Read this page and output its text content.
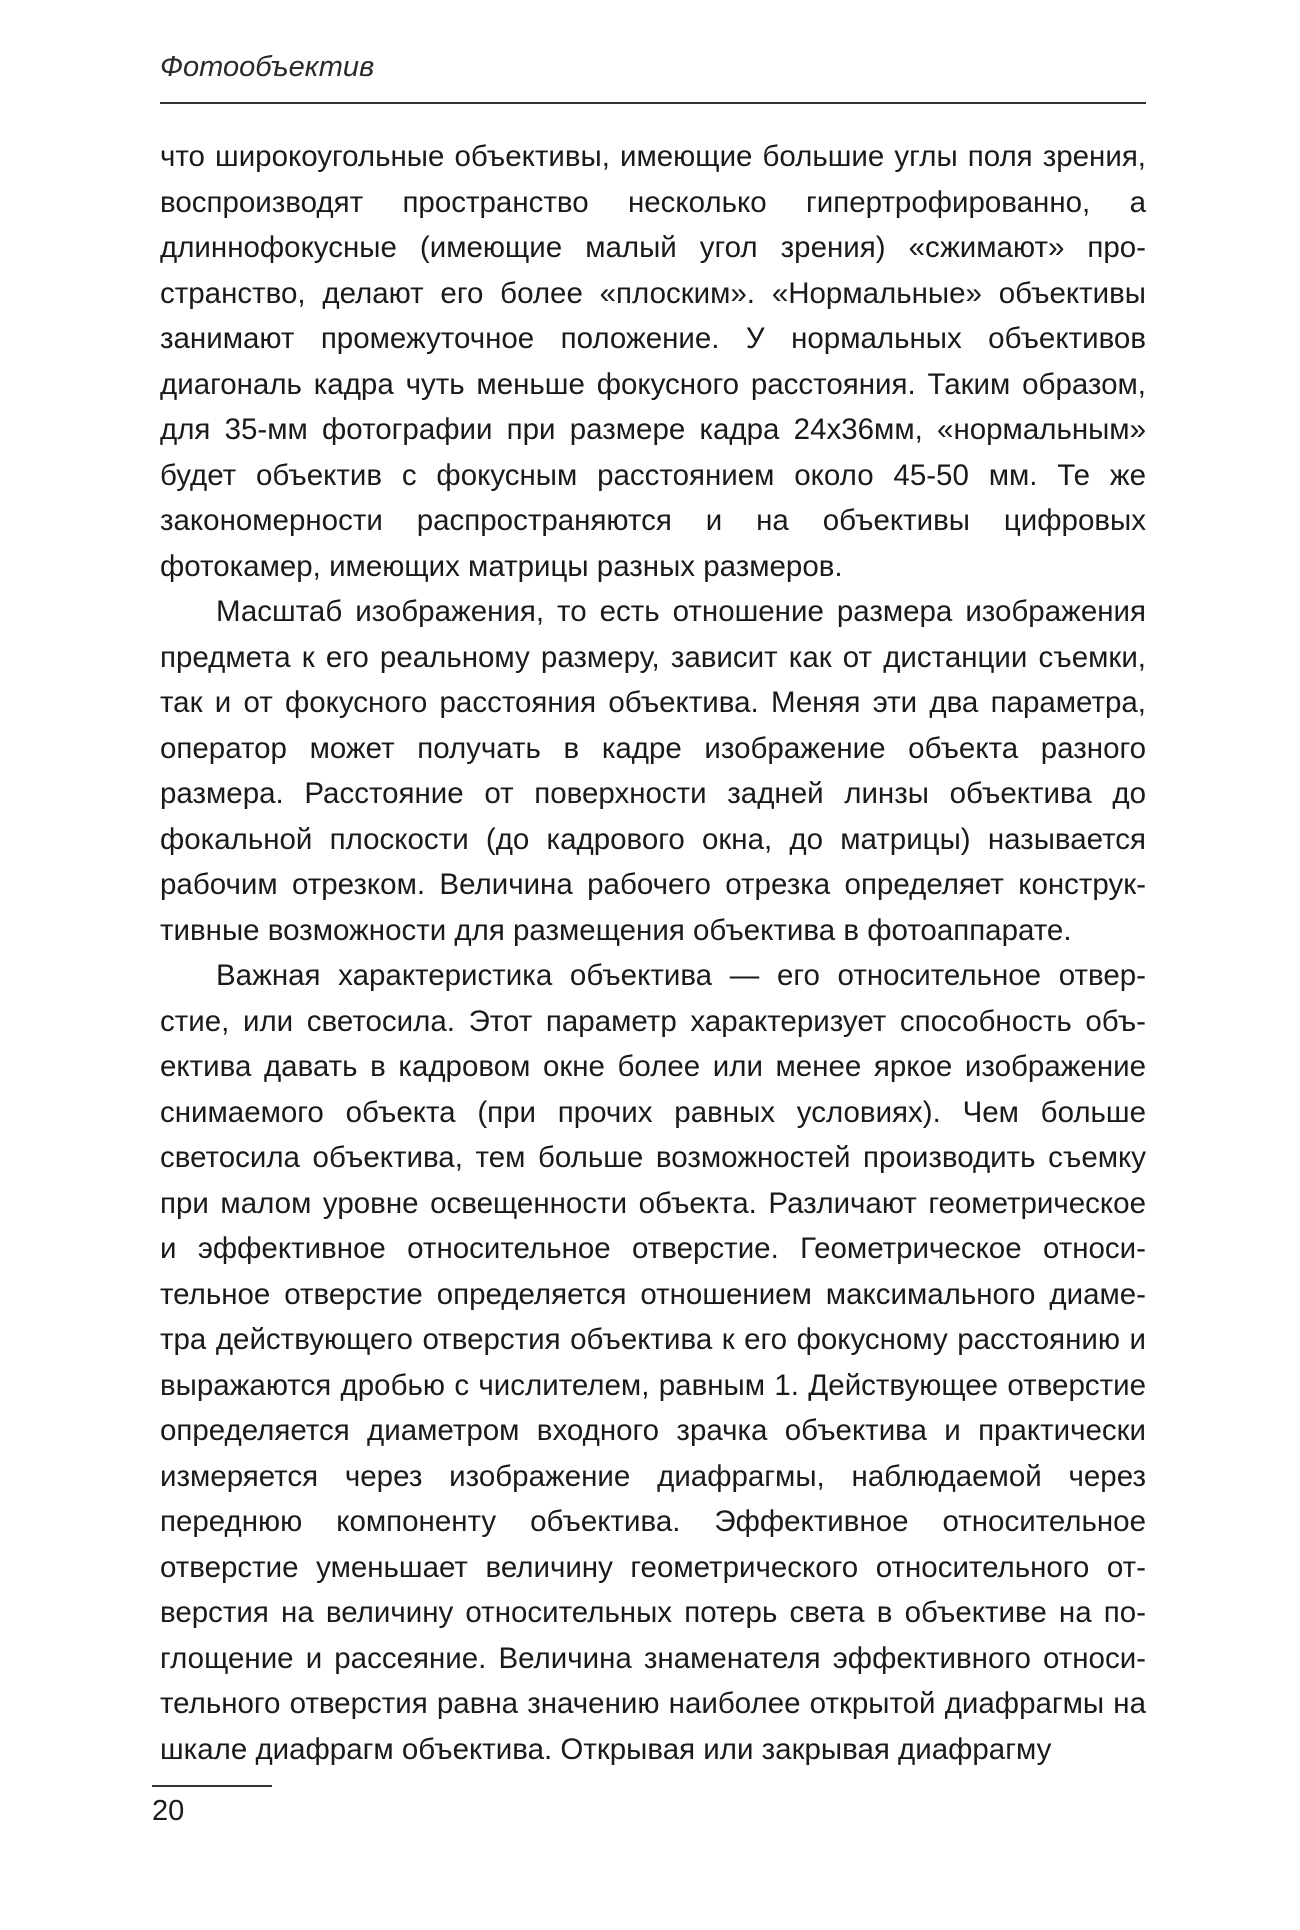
Фотообъектив

что широкоугольные объективы, имеющие большие углы поля зрения, воспроизводят пространство несколько гипертрофированно, а длиннофокусные (имеющие малый угол зрения) «сжимают» пространство, делают его более «плоским». «Нормальные» объективы занимают промежуточное положение. У нормальных объективов диагональ кадра чуть меньше фокусного расстояния. Таким образом, для 35-мм фотографии при размере кадра 24х36мм, «нормальным» будет объектив с фокусным расстоянием около 45-50 мм. Те же закономерности распространяются и на объективы цифровых фотокамер, имеющих матрицы разных размеров.

Масштаб изображения, то есть отношение размера изображения предмета к его реальному размеру, зависит как от дистанции съемки, так и от фокусного расстояния объектива. Меняя эти два параметра, оператор может получать в кадре изображение объекта разного размера. Расстояние от поверхности задней линзы объектива до фокальной плоскости (до кадрового окна, до матрицы) называется рабочим отрезком. Величина рабочего отрезка определяет конструктивные возможности для размещения объектива в фотоаппарате.

Важная характеристика объектива — его относительное отверстие, или светосила. Этот параметр характеризует способность объектива давать в кадровом окне более или менее яркое изображение снимаемого объекта (при прочих равных условиях). Чем больше светосила объектива, тем больше возможностей производить съемку при малом уровне освещенности объекта. Различают геометрическое и эффективное относительное отверстие. Геометрическое относительное отверстие определяется отношением максимального диаметра действующего отверстия объектива к его фокусному расстоянию и выражаются дробью с числителем, равным 1. Действующее отверстие определяется диаметром входного зрачка объектива и практически измеряется через изображение диафрагмы, наблюдаемой через переднюю компоненту объектива. Эффективное относительное отверстие уменьшает величину геометрического относительного отверстия на величину относительных потерь света в объективе на поглощение и рассеяние. Величина знаменателя эффективного относительного отверстия равна значению наиболее открытой диафрагмы на шкале диафрагм объектива. Открывая или закрывая диафрагму

20
